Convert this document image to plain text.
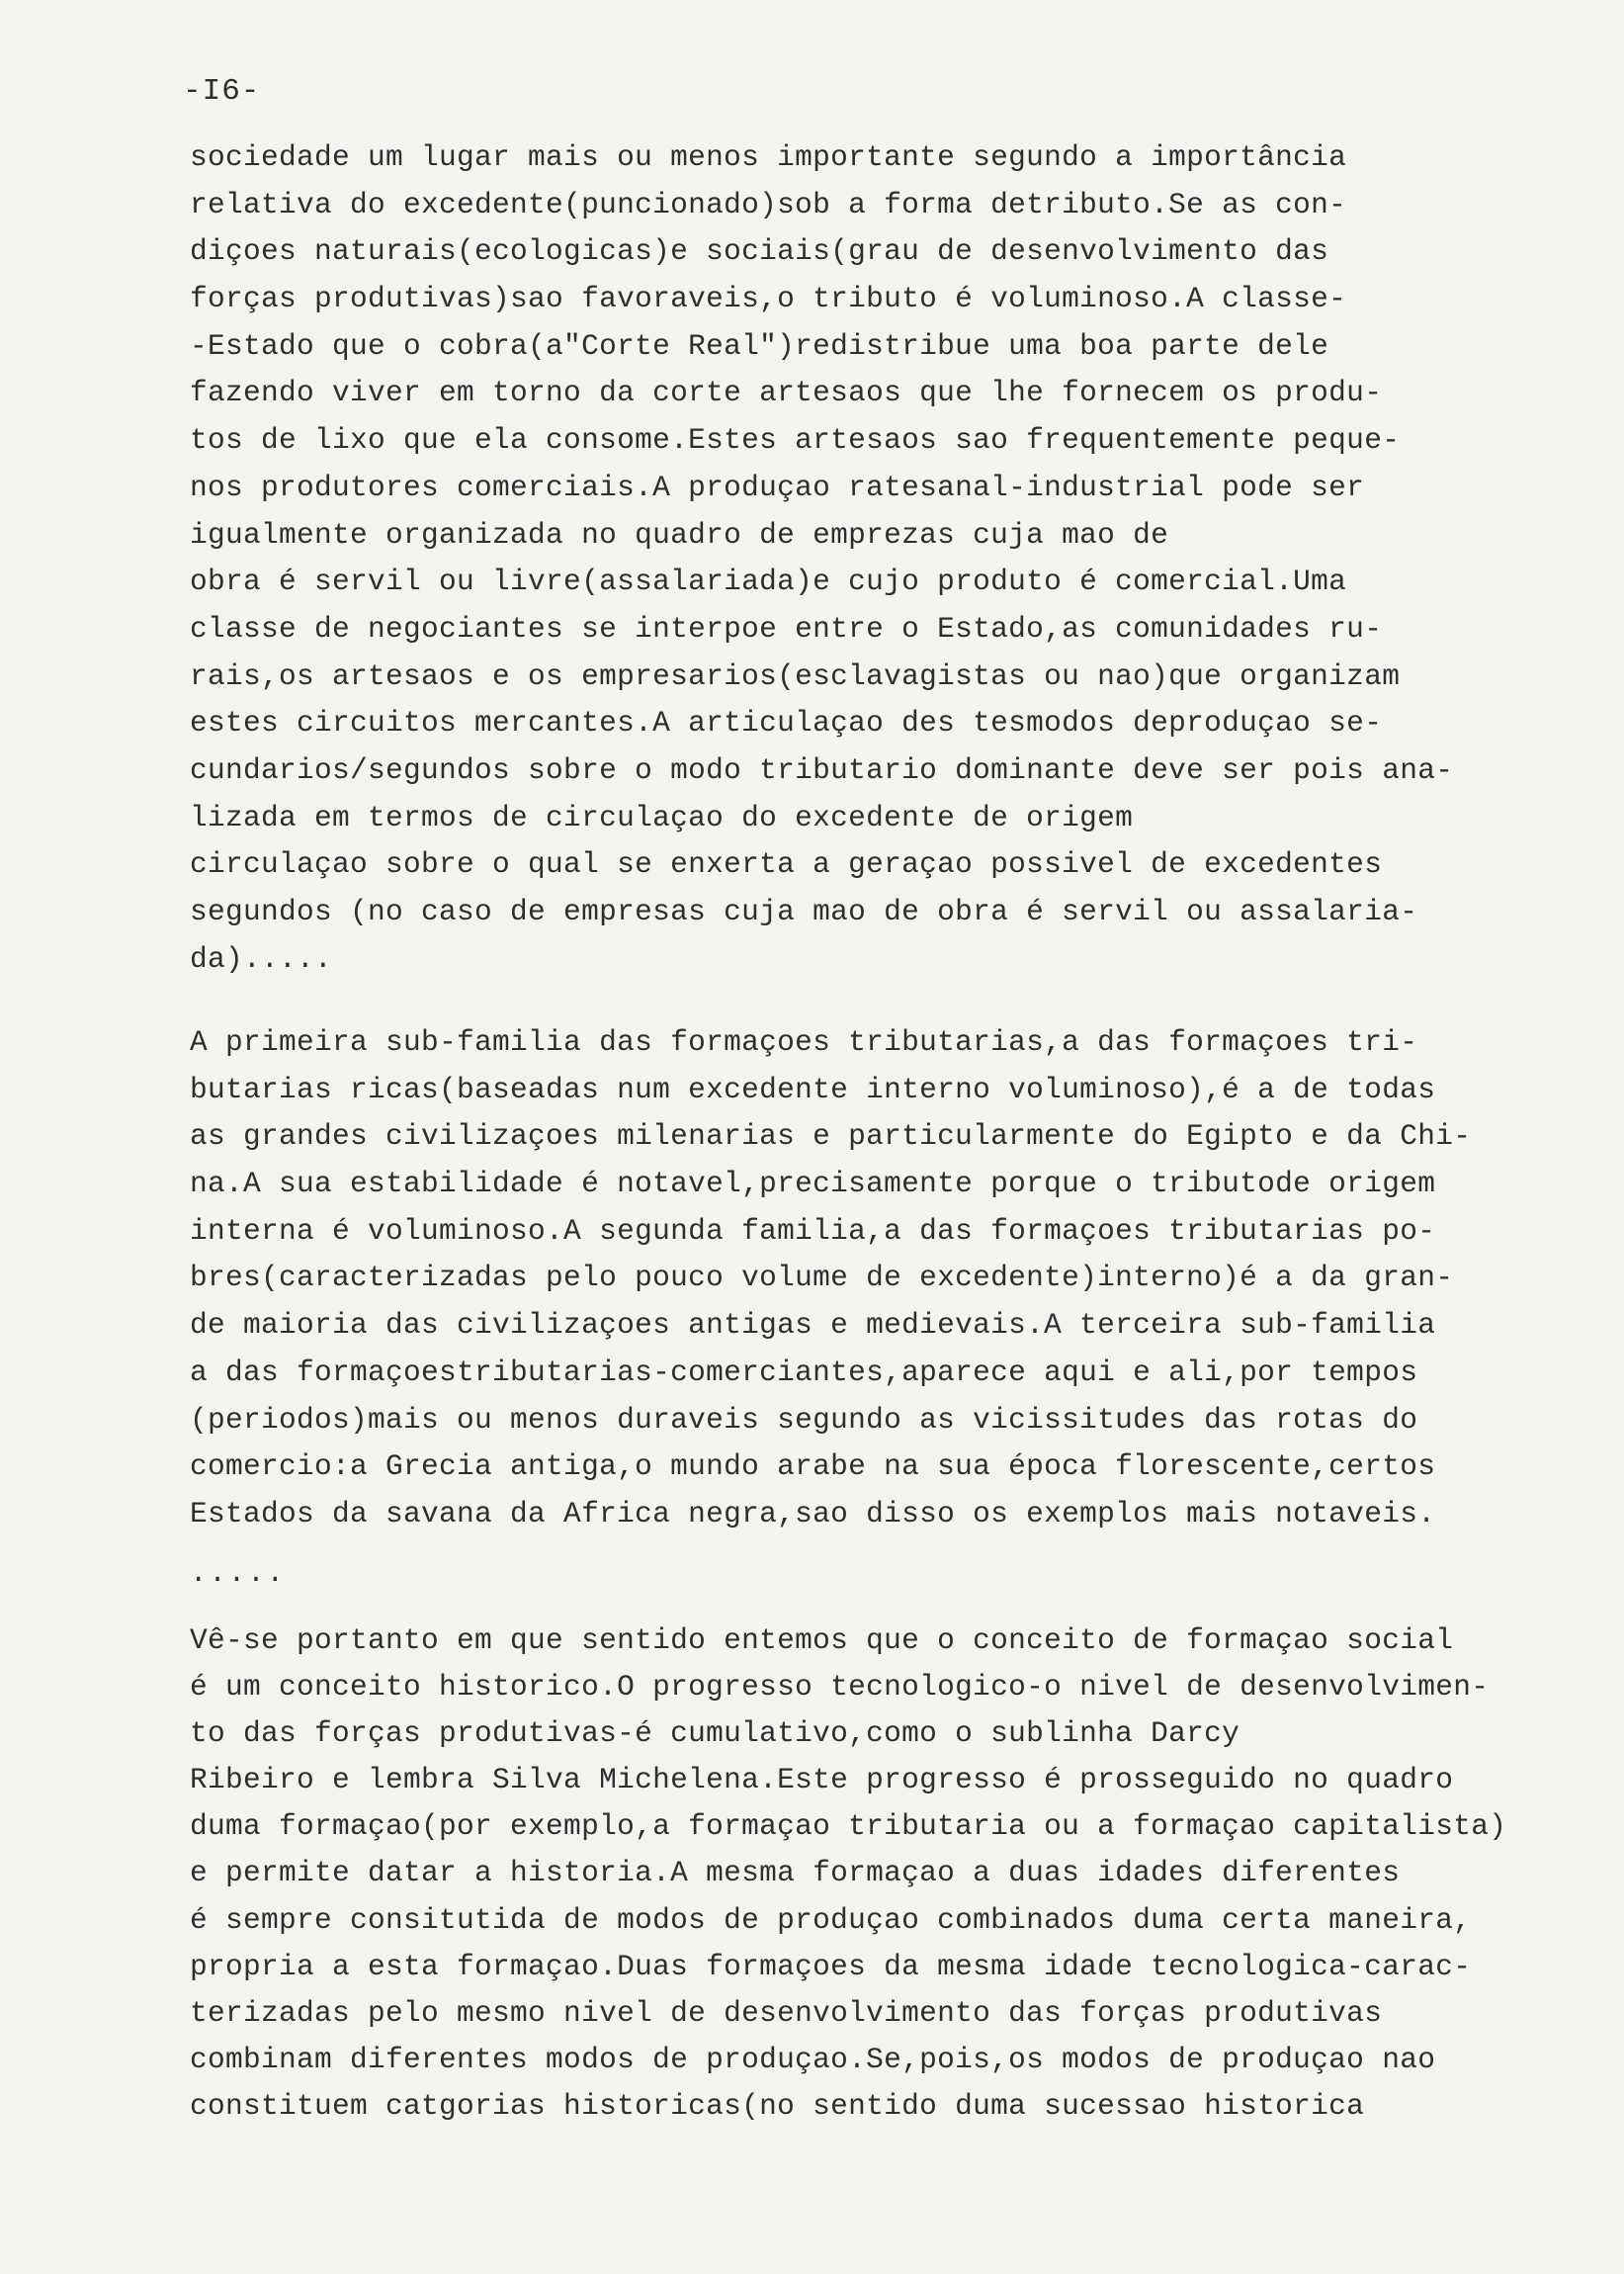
-I6-
sociedade um lugar mais ou menos importante segundo a importância
relativa do excedente(puncionado)sob a forma detributo.Se as con-
diçoes naturais(ecologicas)e sociais(grau de desenvolvimento das
forças produtivas)sao favoraveis,o tributo é voluminoso.A classe-
-Estado que o cobra(a"Corte Real")redistribue uma boa parte dele
fazendo viver em torno da corte artesaos que lhe fornecem os produ-
tos de lixo que ela consome.Estes artesaos sao frequentemente peque-
nos produtores comerciais.A produçao ratesanal-industrial pode ser
igualmente organizada no quadro de emprezas cuja mao de
obra é servil ou livre(assalariada)e cujo produto é comercial.Uma
classe de negociantes se interpoe entre o Estado,as comunidades ru-
rais,os artesaos e os empresarios(esclavagistas ou nao)que organizam
estes circuitos mercantes.A articulaçao des tesmodos deproduçao se-
cundarios/segundos sobre o modo tributario dominante deve ser pois ana-
lizada em termos de circulaçao do excedente de origem
circulaçao sobre o qual se enxerta a geraçao possivel de excedentes
segundos (no caso de empresas cuja mao de obra é servil ou assalaria-
da).....
A primeira sub-familia das formaçoes tributarias,a das formaçoes tri-
butarias ricas(baseadas num excedente interno voluminoso),é a de todas
as grandes civilizaçoes milenarias e particularmente do Egipto e da Chi-
na.A sua estabilidade é notavel,precisamente porque o tributode origem
interna é voluminoso.A segunda familia,a das formaçoes tributarias po-
bres(caracterizadas pelo pouco volume de excedente)interno)é a da gran-
de maioria das civilizaçoes antigas e medievais.A terceira sub-familia
a das formaçoestributarias-comerciantes,aparece aqui e ali,por tempos
(periodos)mais ou menos duraveis segundo as vicissitudes das rotas do
comercio:a Grecia antiga,o mundo arabe na sua época florescente,certos
Estados da savana da Africa negra,sao disso os exemplos mais notaveis.
.....
Vê-se portanto em que sentido entemos que o conceito de formaçao social
é um conceito historico.O progresso tecnologico-o nivel de desenvolvimen-
to das forças produtivas-é cumulativo,como o sublinha Darcy
Ribeiro e lembra Silva Michelena.Este progresso é prosseguido no quadro
duma formaçao(por exemplo,a formaçao tributaria ou a formaçao capitalista)
e permite datar a historia.A mesma formaçao a duas idades diferentes
é sempre consitutida de modos de produçao combinados duma certa maneira,
propria a esta formaçao.Duas formaçoes da mesma idade tecnologica-carac-
terizadas pelo mesmo nivel de desenvolvimento das forças produtivas
combinam diferentes modos de produçao.Se,pois,os modos de produçao nao
constituem catgorias historicas(no sentido duma sucessao historica
